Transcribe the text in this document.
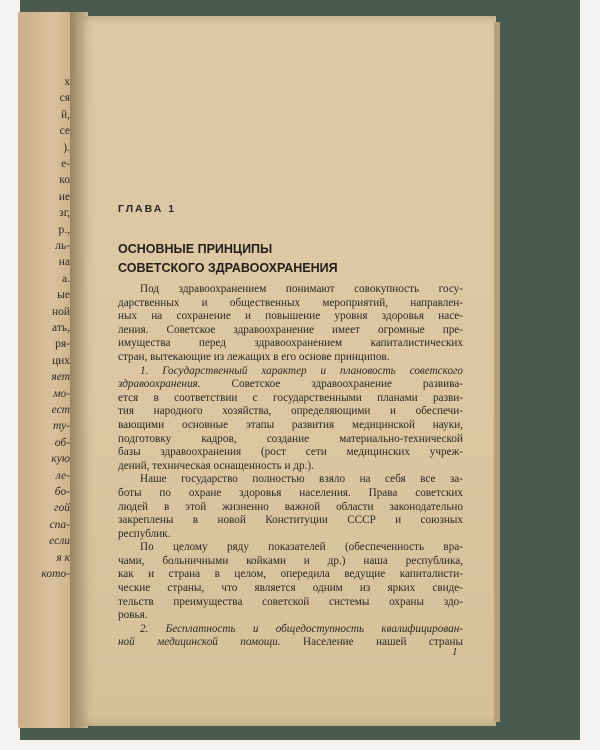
х
ся
й,
се
).
е-
ко
ие
зг,
р.,
ль-
на
а.
ые
ной
ать,
ря-
цих
яет
мо-
ест
ту-
об-
кую
ле-
бо-
гой
спа-
если
я к
кото-
ГЛАВА 1
ОСНОВНЫЕ ПРИНЦИПЫ
СОВЕТСКОГО ЗДРАВООХРАНЕНИЯ
Под здравоохранением понимают совокупность госу-
дарственных и общественных мероприятий, направлен-
ных на сохранение и повышение уровня здоровья насе-
ления. Советское здравоохранение имеет огромные пре-
имущества перед здравоохранением капиталистических
стран, вытекающие из лежащих в его основе принципов.
1. Государственный характер и плановость советского
здравоохранения. Советское здравоохранение развива-
ется в соответствии с государственными планами разви-
тия народного хозяйства, определяющими и обеспечи-
вающими основные этапы развития медицинской науки,
подготовку кадров, создание материально-технической
базы здравоохранения (рост сети медицинских учреж-
дений, техническая оснащенность и др.).
Наше государство полностью взяло на себя все за-
боты по охране здоровья населения. Права советских
людей в этой жизненно важной области законодательно
закреплены в новой Конституции СССР и союзных
республик.
По целому ряду показателей (обеспеченность вра-
чами, больничными койками и др.) наша республика,
как и страна в целом, опередила ведущие капиталисти-
ческие страны, что является одним из ярких свиде-
тельств преимущества советской системы охраны здо-
ровья.
2. Бесплатность и общедоступность квалифицирован-
ной медицинской помощи. Население нашей страны
1
